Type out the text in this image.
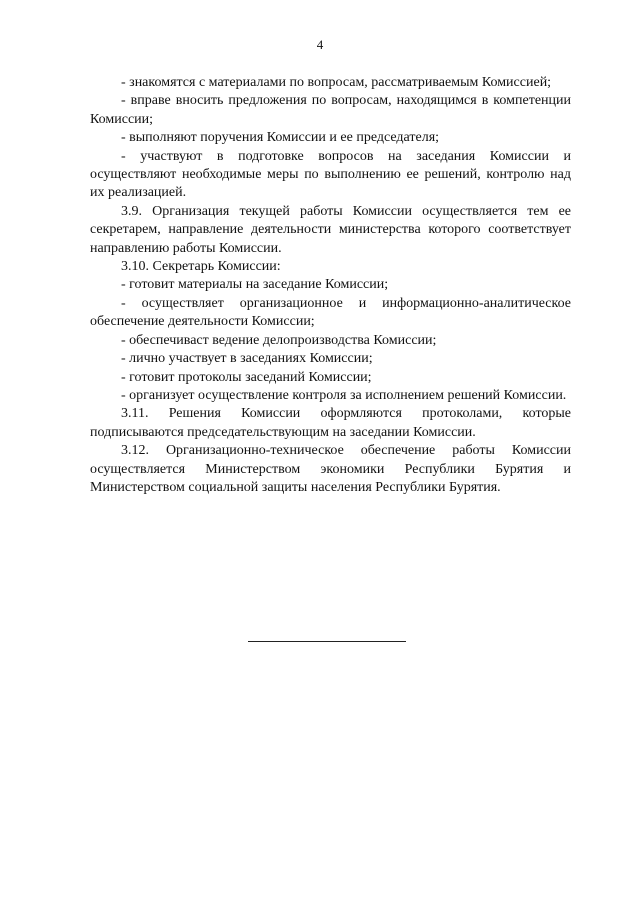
4

- знакомятся с материалами по вопросам, рассматриваемым Комиссией;

- вправе вносить предложения по вопросам, находящимся в компетенции Комиссии;

- выполняют поручения Комиссии и ее председателя;

- участвуют в подготовке вопросов на заседания Комиссии и осуществляют необходимые меры по выполнению ее решений, контролю над их реализацией.

3.9. Организация текущей работы Комиссии осуществляется тем ее секретарем, направление деятельности министерства которого соответствует направлению работы Комиссии.

3.10. Секретарь Комиссии:

- готовит материалы на заседание Комиссии;

- осуществляет организационное и информационно-аналитическое обеспечение деятельности Комиссии;

- обеспечиваст ведение делопроизводства Комиссии;

- лично участвует в заседаниях Комиссии;

- готовит протоколы заседаний Комиссии;

- организует осуществление контроля за исполнением решений Комиссии.

3.11. Решения Комиссии оформляются протоколами, которые подписываются председательствующим на заседании Комиссии.

3.12. Организационно-техническое обеспечение работы Комиссии осуществляется Министерством экономики Республики Бурятия и Министерством социальной защиты населения Республики Бурятия.
